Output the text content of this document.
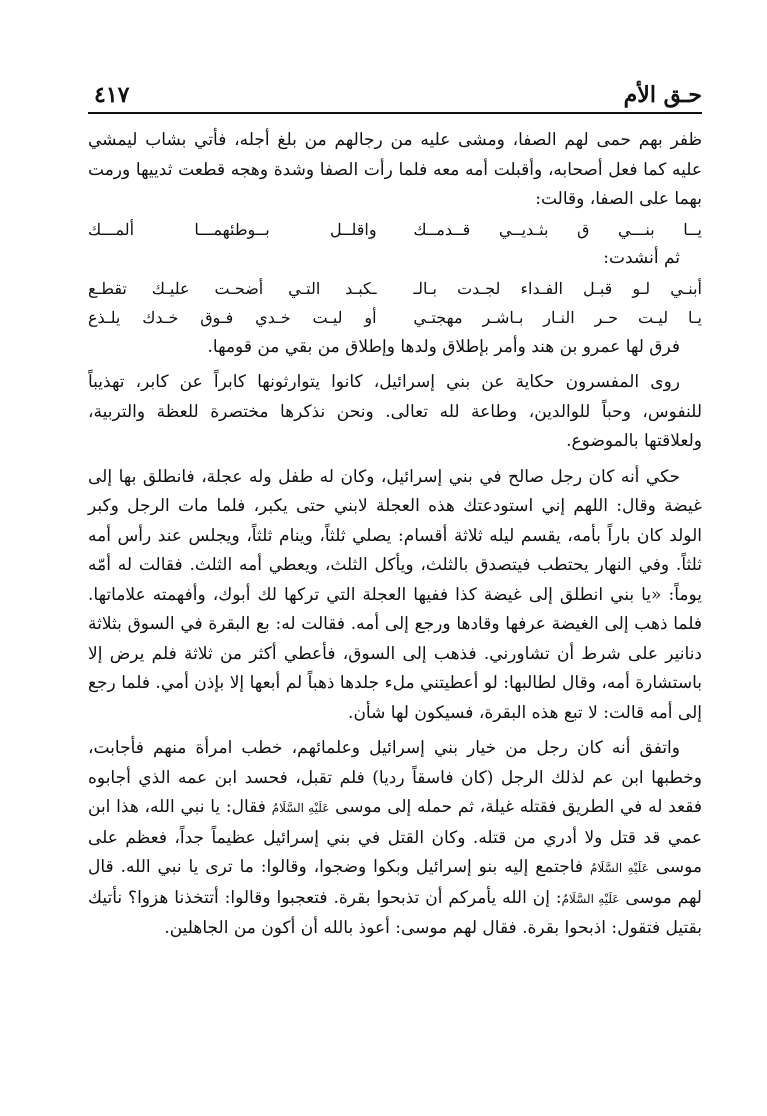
حـق الأم
٤١٧

ظفر بهم حمى لهم الصفا، ومشى عليه من رجالهم من بلغ أجله، فأتي بشاب ليمشي عليه كما فعل أصحابه، وأقبلت أمه معه فلما رأت الصفا وشدة وهجه قطعت ثدييها ورمت بهما على الصفا، وقالت:

يــا بنـــي ق بثـديــي قــدمــك
واقلــل بــوطئهمـــا ألمـــك

ثم أنشدت:

أبنـي لـو قبـل الفـداء لجـدت بـالـ
ـكبـد التـي أضحـت عليـك تقطـع
يـا ليـت حـر النـار بـاشـر مهجتـي
أو ليـت خـدي فـوق خـدك يلـذع

فرق لها عمرو بن هند وأمر بإطلاق ولدها وإطلاق من بقي من قومها.

روى المفسرون حكاية عن بني إسرائيل، كانوا يتوارثونها كابراً عن كابر، تهذيباً للنفوس، وحباً للوالدين، وطاعة لله تعالى. ونحن نذكرها مختصرة للعظة والتربية، ولعلاقتها بالموضوع.

حكي أنه كان رجل صالح في بني إسرائيل، وكان له طفل وله عجلة، فانطلق بها إلى غيضة وقال: اللهم إني استودعتك هذه العجلة لابني حتى يكبر، فلما مات الرجل وكبر الولد كان باراً بأمه، يقسم ليله ثلاثة أقسام: يصلي ثلثاً، وينام ثلثاً، ويجلس عند رأس أمه ثلثاً. وفي النهار يحتطب فيتصدق بالثلث، ويأكل الثلث، ويعطي أمه الثلث. فقالت له أمّه يوماً: «يا بني انطلق إلى غيضة كذا ففيها العجلة التي تركها لك أبوك، وأفهمته علاماتها. فلما ذهب إلى الغيضة عرفها وقادها ورجع إلى أمه. فقالت له: بع البقرة في السوق بثلاثة دنانير على شرط أن تشاورني. فذهب إلى السوق، فأعطي أكثر من ثلاثة فلم يرض إلا باستشارة أمه، وقال لطالبها: لو أعطيتني ملء جلدها ذهباً لم أبعها إلا بإذن أمي. فلما رجع إلى أمه قالت: لا تبع هذه البقرة، فسيكون لها شأن.

واتفق أنه كان رجل من خيار بني إسرائيل وعلمائهم، خطب امرأة منهم فأجابت، وخطبها ابن عم لذلك الرجل (كان فاسقاً رديا) فلم تقبل، فحسد ابن عمه الذي أجابوه فقعد له في الطريق فقتله غيلة، ثم حمله إلى موسى عَلَيْهِ السَّلَامُ فقال: يا نبي الله، هذا ابن عمي قد قتل ولا أدري من قتله. وكان القتل في بني إسرائيل عظيماً جداً، فعظم على موسى عَلَيْهِ السَّلَامُ فاجتمع إليه بنو إسرائيل وبكوا وضجوا، وقالوا: ما ترى يا نبي الله. قال لهم موسى عَلَيْهِ السَّلَامُ: إن الله يأمركم أن تذبحوا بقرة. فتعجبوا وقالوا: أتتخذنا هزوا؟ نأتيك بقتيل فتقول: اذبحوا بقرة. فقال لهم موسى: أعوذ بالله أن أكون من الجاهلين.
